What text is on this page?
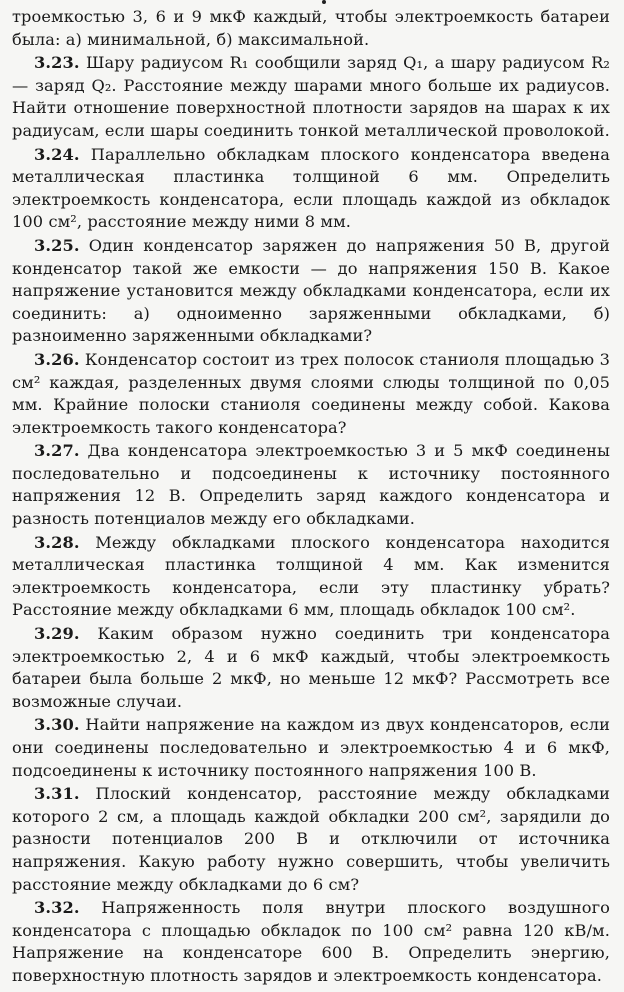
троемкостью 3, 6 и 9 мкФ каждый, чтобы электроемкость батареи была: а) минимальной, б) максимальной.

3.23. Шару радиусом R₁ сообщили заряд Q₁, а шару радиусом R₂ — заряд Q₂. Расстояние между шарами много больше их радиусов. Найти отношение поверхностной плотности зарядов на шарах к их радиусам, если шары соединить тонкой металлической проволокой.

3.24. Параллельно обкладкам плоского конденсатора введена металлическая пластинка толщиной 6 мм. Определить электроемкость конденсатора, если площадь каждой из обкладок 100 см², расстояние между ними 8 мм.

3.25. Один конденсатор заряжен до напряжения 50 В, другой конденсатор такой же емкости — до напряжения 150 В. Какое напряжение установится между обкладками конденсатора, если их соединить: а) одноименно заряженными обкладками, б) разноименно заряженными обкладками?

3.26. Конденсатор состоит из трех полосок станиоля площадью 3 см² каждая, разделенных двумя слоями слюды толщиной по 0,05 мм. Крайние полоски станиоля соединены между собой. Какова электроемкость такого конденсатора?

3.27. Два конденсатора электроемкостью 3 и 5 мкФ соединены последовательно и подсоединены к источнику постоянного напряжения 12 В. Определить заряд каждого конденсатора и разность потенциалов между его обкладками.

3.28. Между обкладками плоского конденсатора находится металлическая пластинка толщиной 4 мм. Как изменится электроемкость конденсатора, если эту пластинку убрать? Расстояние между обкладками 6 мм, площадь обкладок 100 см².

3.29. Каким образом нужно соединить три конденсатора электроемкостью 2, 4 и 6 мкФ каждый, чтобы электроемкость батареи была больше 2 мкФ, но меньше 12 мкФ? Рассмотреть все возможные случаи.

3.30. Найти напряжение на каждом из двух конденсаторов, если они соединены последовательно и электроемкостью 4 и 6 мкФ, подсоединены к источнику постоянного напряжения 100 В.

3.31. Плоский конденсатор, расстояние между обкладками которого 2 см, а площадь каждой обкладки 200 см², зарядили до разности потенциалов 200 В и отключили от источника напряжения. Какую работу нужно совершить, чтобы увеличить расстояние между обкладками до 6 см?

3.32. Напряженность поля внутри плоского воздушного конденсатора с площадью обкладок по 100 см² равна 120 кВ/м. Напряжение на конденсаторе 600 В. Определить энергию, поверхностную плотность зарядов и электроемкость конденсатора.
